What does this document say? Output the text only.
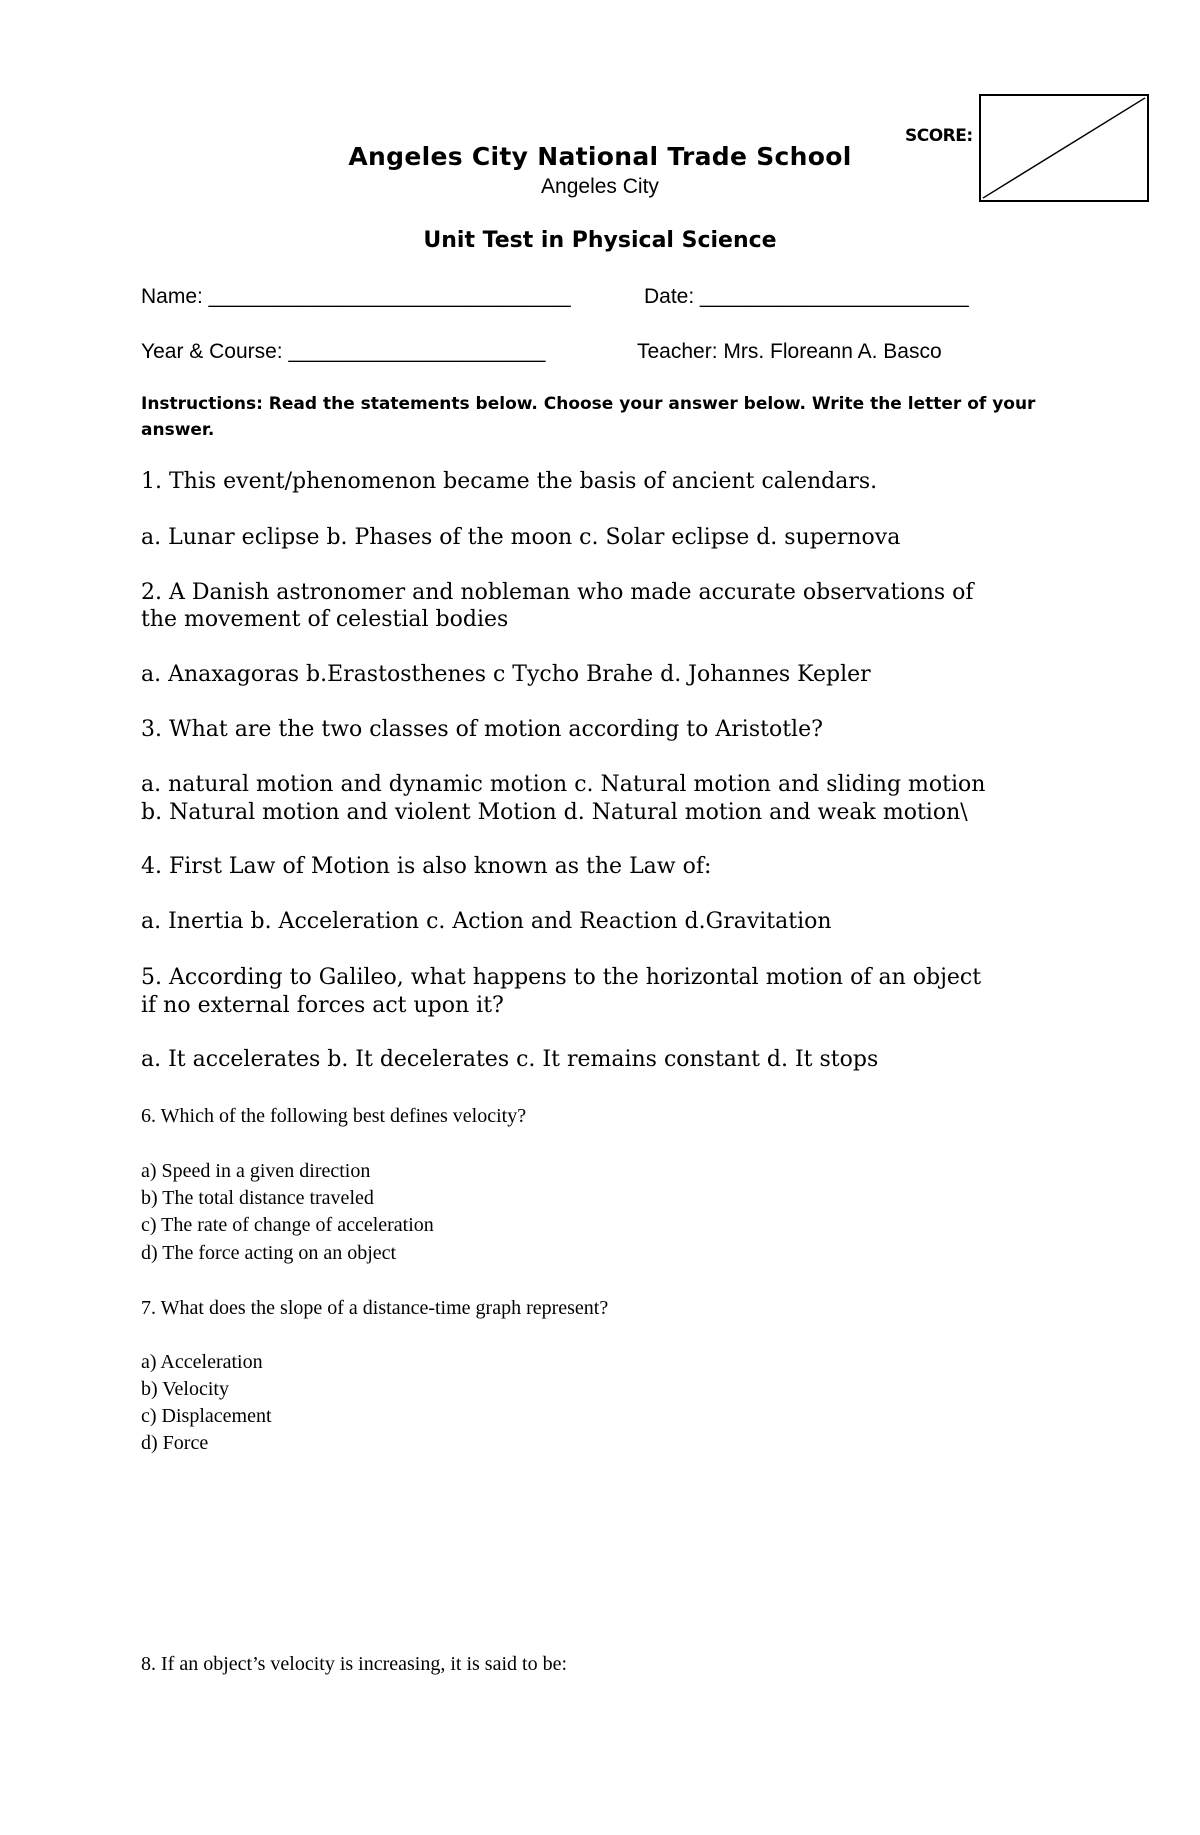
SCORE:
Angeles City National Trade School
Angeles City
Unit Test in Physical Science
Name: _______________________________	Date: _______________________
Year & Course: ______________________	Teacher: Mrs. Floreann A. Basco
Instructions: Read the statements below. Choose your answer below. Write the letter of your answer.
1. This event/phenomenon became the basis of ancient calendars.
a. Lunar eclipse b. Phases of the moon c. Solar eclipse d. supernova
2. A Danish astronomer and nobleman who made accurate observations of
the movement of celestial bodies
a. Anaxagoras b.Erastosthenes c Tycho Brahe d. Johannes Kepler
3. What are the two classes of motion according to Aristotle?
a. natural motion and dynamic motion c. Natural motion and sliding motion
b. Natural motion and violent Motion d. Natural motion and weak motion\
4. First Law of Motion is also known as the Law of:
a. Inertia b. Acceleration c. Action and Reaction d.Gravitation
5. According to Galileo, what happens to the horizontal motion of an object
if no external forces act upon it?
a. It accelerates b. It decelerates c. It remains constant d. It stops
6. Which of the following best defines velocity?
a) Speed in a given direction
b) The total distance traveled
c) The rate of change of acceleration
d) The force acting on an object
7. What does the slope of a distance-time graph represent?
a) Acceleration
b) Velocity
c) Displacement
d) Force
8. If an object’s velocity is increasing, it is said to be:
